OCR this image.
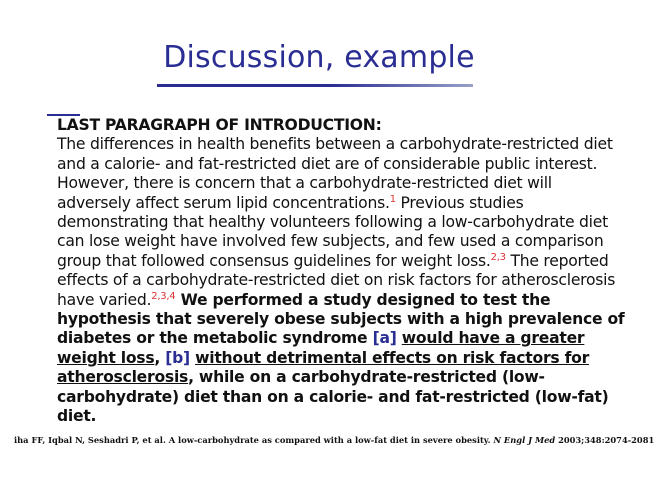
Discussion, example
LAST PARAGRAPH OF INTRODUCTION:
The differences in health benefits between a carbohydrate-restricted diet and a calorie- and fat-restricted diet are of considerable public interest. However, there is concern that a carbohydrate-restricted diet will adversely affect serum lipid concentrations.$^1$ Previous studies demonstrating that healthy volunteers following a low-carbohydrate diet can lose weight have involved few subjects, and few used a comparison group that followed consensus guidelines for weight loss.$^{2,3}$ The reported effects of a carbohydrate-restricted diet on risk factors for atherosclerosis have varied.$^{2,3,4}$ We performed a study designed to test the hypothesis that severely obese subjects with a high prevalence of diabetes or the metabolic syndrome [a] would have a greater weight loss, [b] without detrimental effects on risk factors for atherosclerosis, while on a carbohydrate-restricted (low-carbohydrate) diet than on a calorie- and fat-restricted (low-fat) diet.
iha FF, Iqbal N, Seshadri P, et al. A low-carbohydrate as compared with a low-fat diet in severe obesity. N Engl J Med 2003;348:2074-2081
